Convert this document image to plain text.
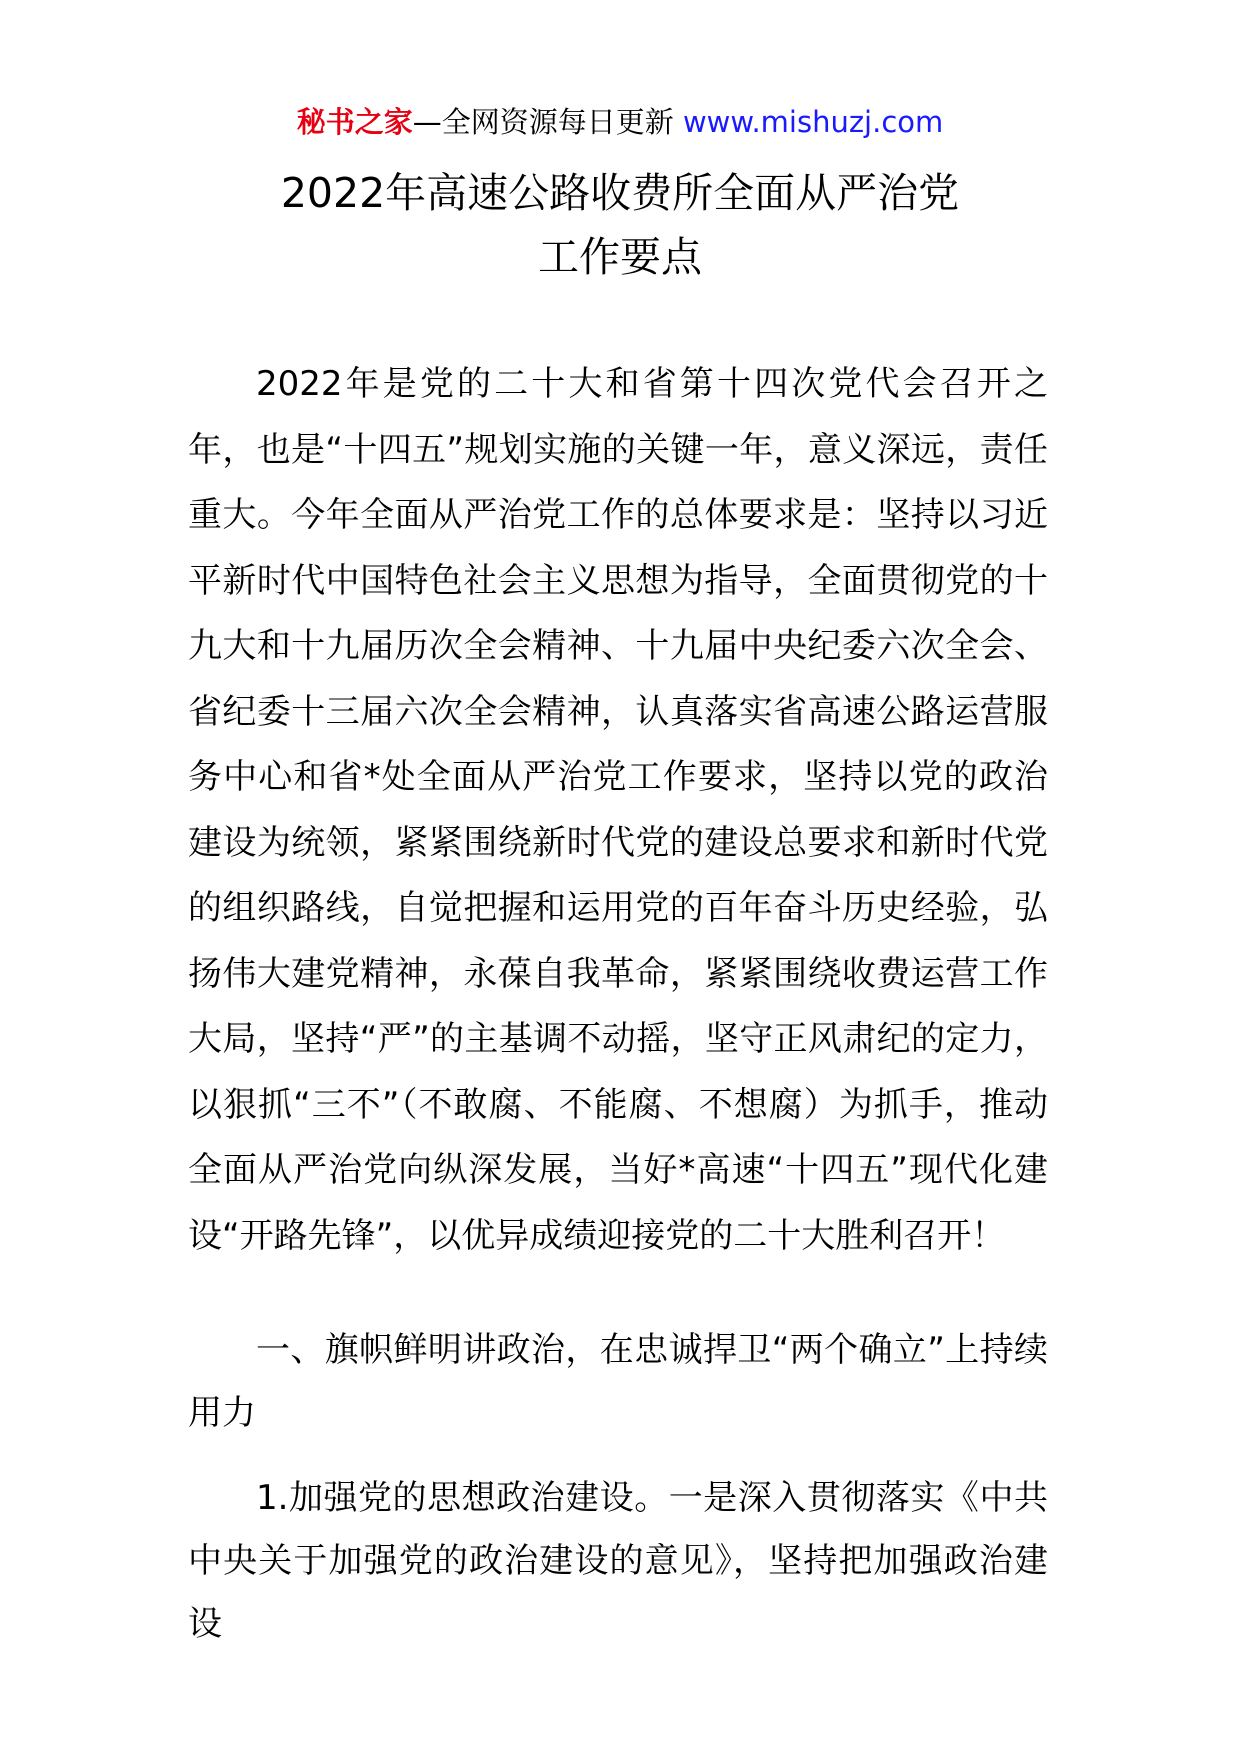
秘书之家—全网资源每日更新 www.mishuzj.com
2022年高速公路收费所全面从严治党
工作要点

2022年是党的二十大和省第十四次党代会召开之年，也是“十四五”规划实施的关键一年，意义深远，责任重大。今年全面从严治党工作的总体要求是：坚持以习近平新时代中国特色社会主义思想为指导，全面贯彻党的十九大和十九届历次全会精神、十九届中央纪委六次全会、省纪委十三届六次全会精神，认真落实省高速公路运营服务中心和省*处全面从严治党工作要求，坚持以党的政治建设为统领，紧紧围绕新时代党的建设总要求和新时代党的组织路线，自觉把握和运用党的百年奋斗历史经验，弘扬伟大建党精神，永葆自我革命，紧紧围绕收费运营工作大局，坚持“严”的主基调不动摇，坚守正风肃纪的定力，以狠抓“三不”（不敢腐、不能腐、不想腐）为抓手，推动全面从严治党向纵深发展，当好*高速“十四五”现代化建设“开路先锋”，以优异成绩迎接党的二十大胜利召开！

一、旗帜鲜明讲政治，在忠诚捍卫“两个确立”上持续用力

1.加强党的思想政治建设。一是深入贯彻落实《中共中央关于加强党的政治建设的意见》，坚持把加强政治建设
